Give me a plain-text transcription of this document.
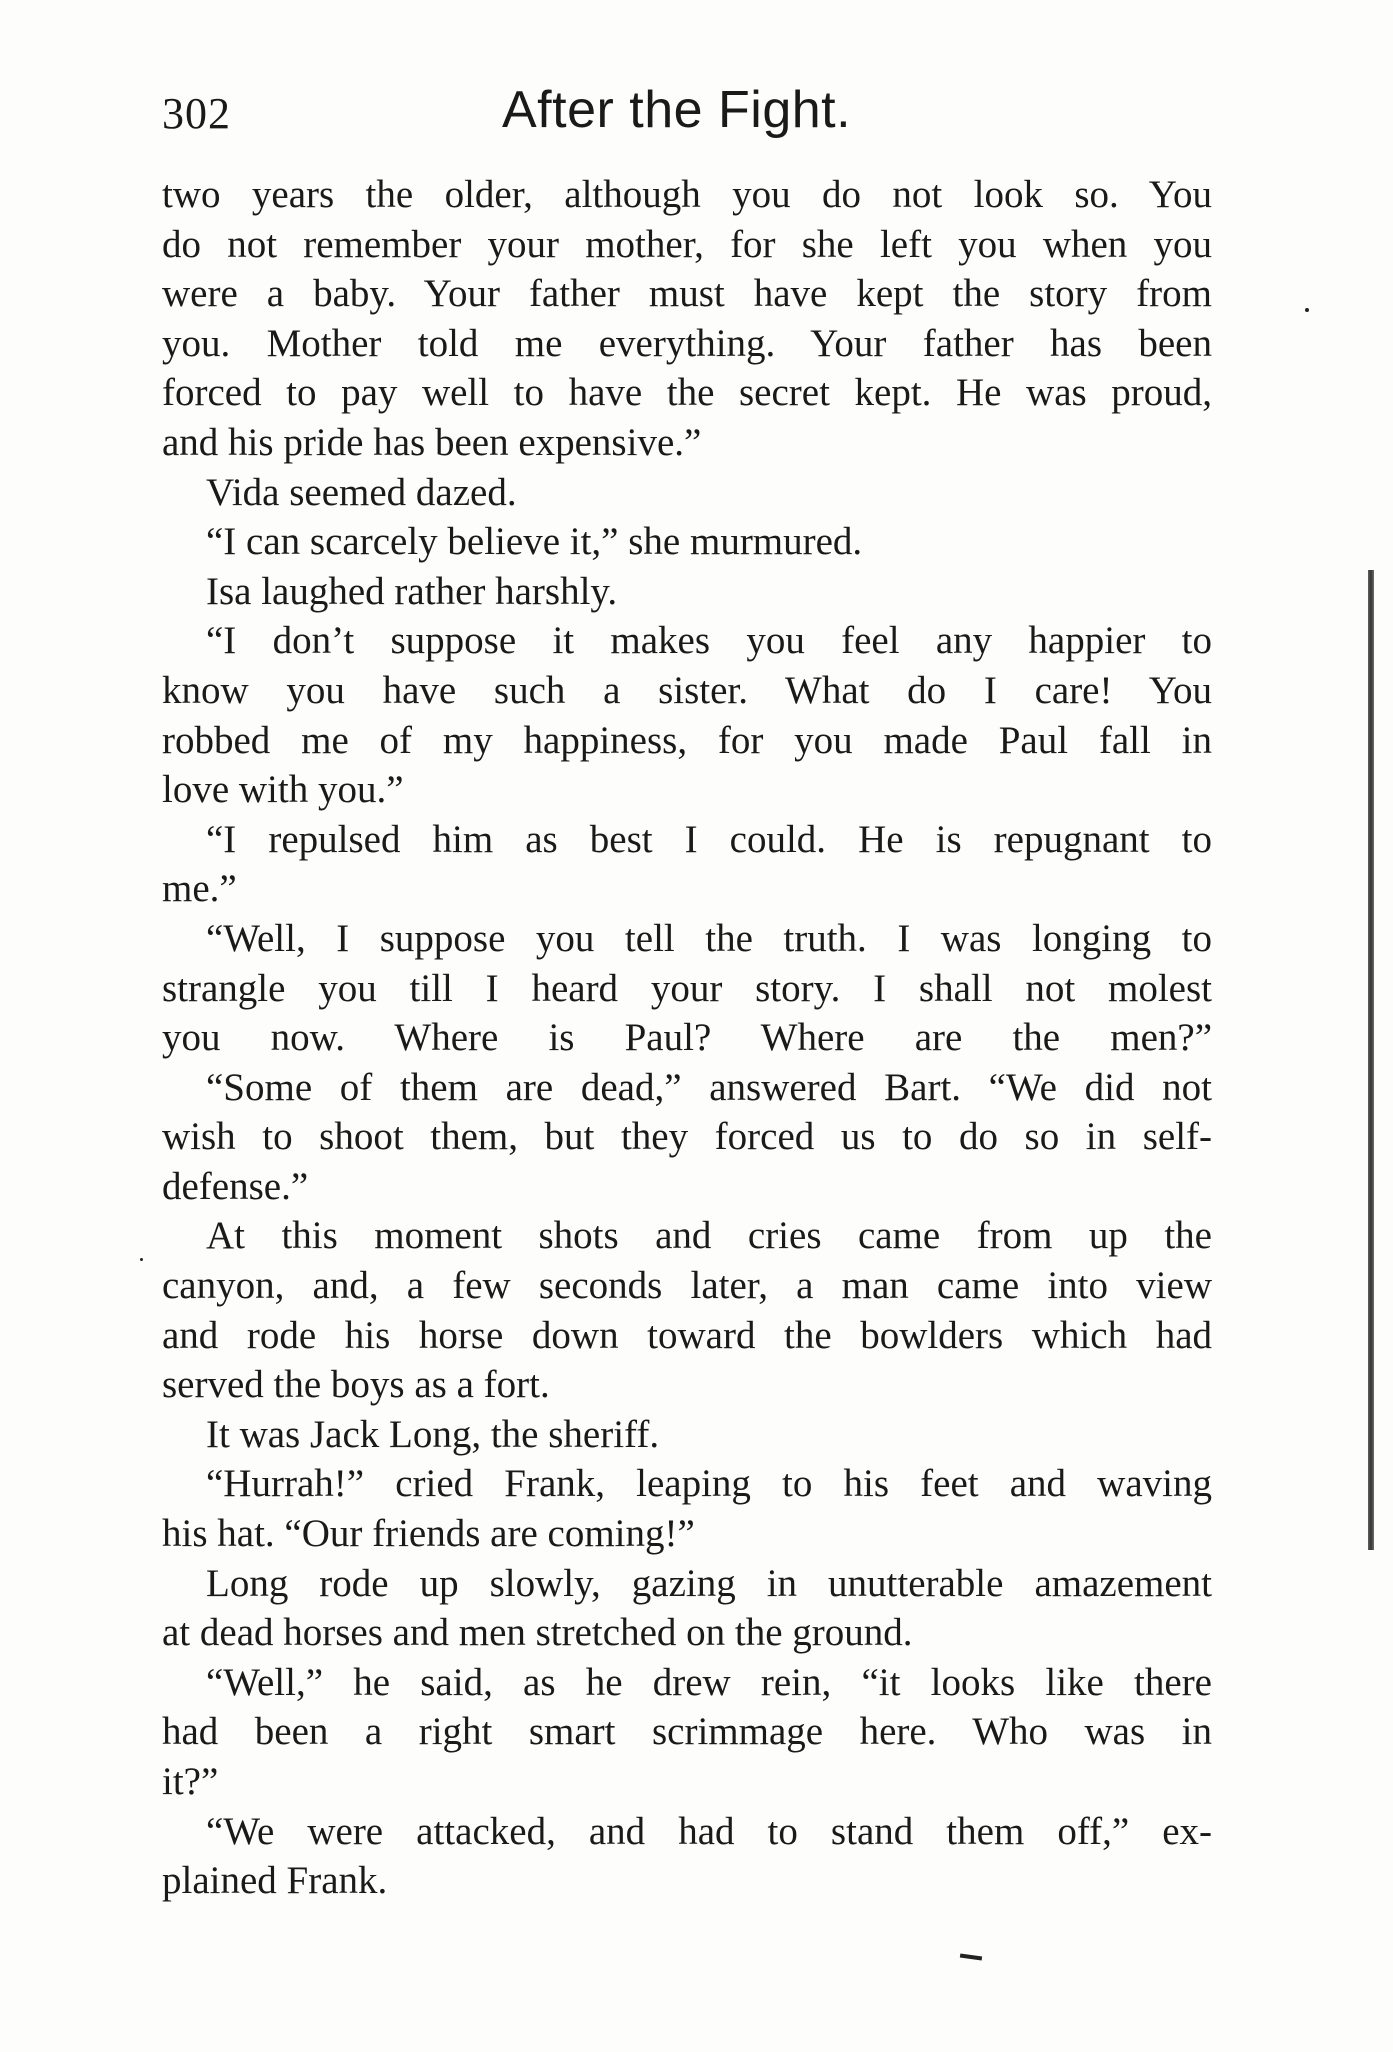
302	After the Fight.
two years the older, although you do not look so. You
do not remember your mother, for she left you when you
were a baby. Your father must have kept the story from
you. Mother told me everything. Your father has been
forced to pay well to have the secret kept. He was proud,
and his pride has been expensive.”
Vida seemed dazed.
“I can scarcely believe it,” she murmured.
Isa laughed rather harshly.
“I don’t suppose it makes you feel any happier to
know you have such a sister. What do I care! You
robbed me of my happiness, for you made Paul fall in
love with you.”
“I repulsed him as best I could. He is repugnant to
me.”
“Well, I suppose you tell the truth. I was longing to
strangle you till I heard your story. I shall not molest
you now. Where is Paul? Where are the men?”
“Some of them are dead,” answered Bart. “We did not
wish to shoot them, but they forced us to do so in self-
defense.”
At this moment shots and cries came from up the
canyon, and, a few seconds later, a man came into view
and rode his horse down toward the bowlders which had
served the boys as a fort.
It was Jack Long, the sheriff.
“Hurrah!” cried Frank, leaping to his feet and waving
his hat. “Our friends are coming!”
Long rode up slowly, gazing in unutterable amazement
at dead horses and men stretched on the ground.
“Well,” he said, as he drew rein, “it looks like there
had been a right smart scrimmage here. Who was in
it?”
“We were attacked, and had to stand them off,” ex-
plained Frank.
